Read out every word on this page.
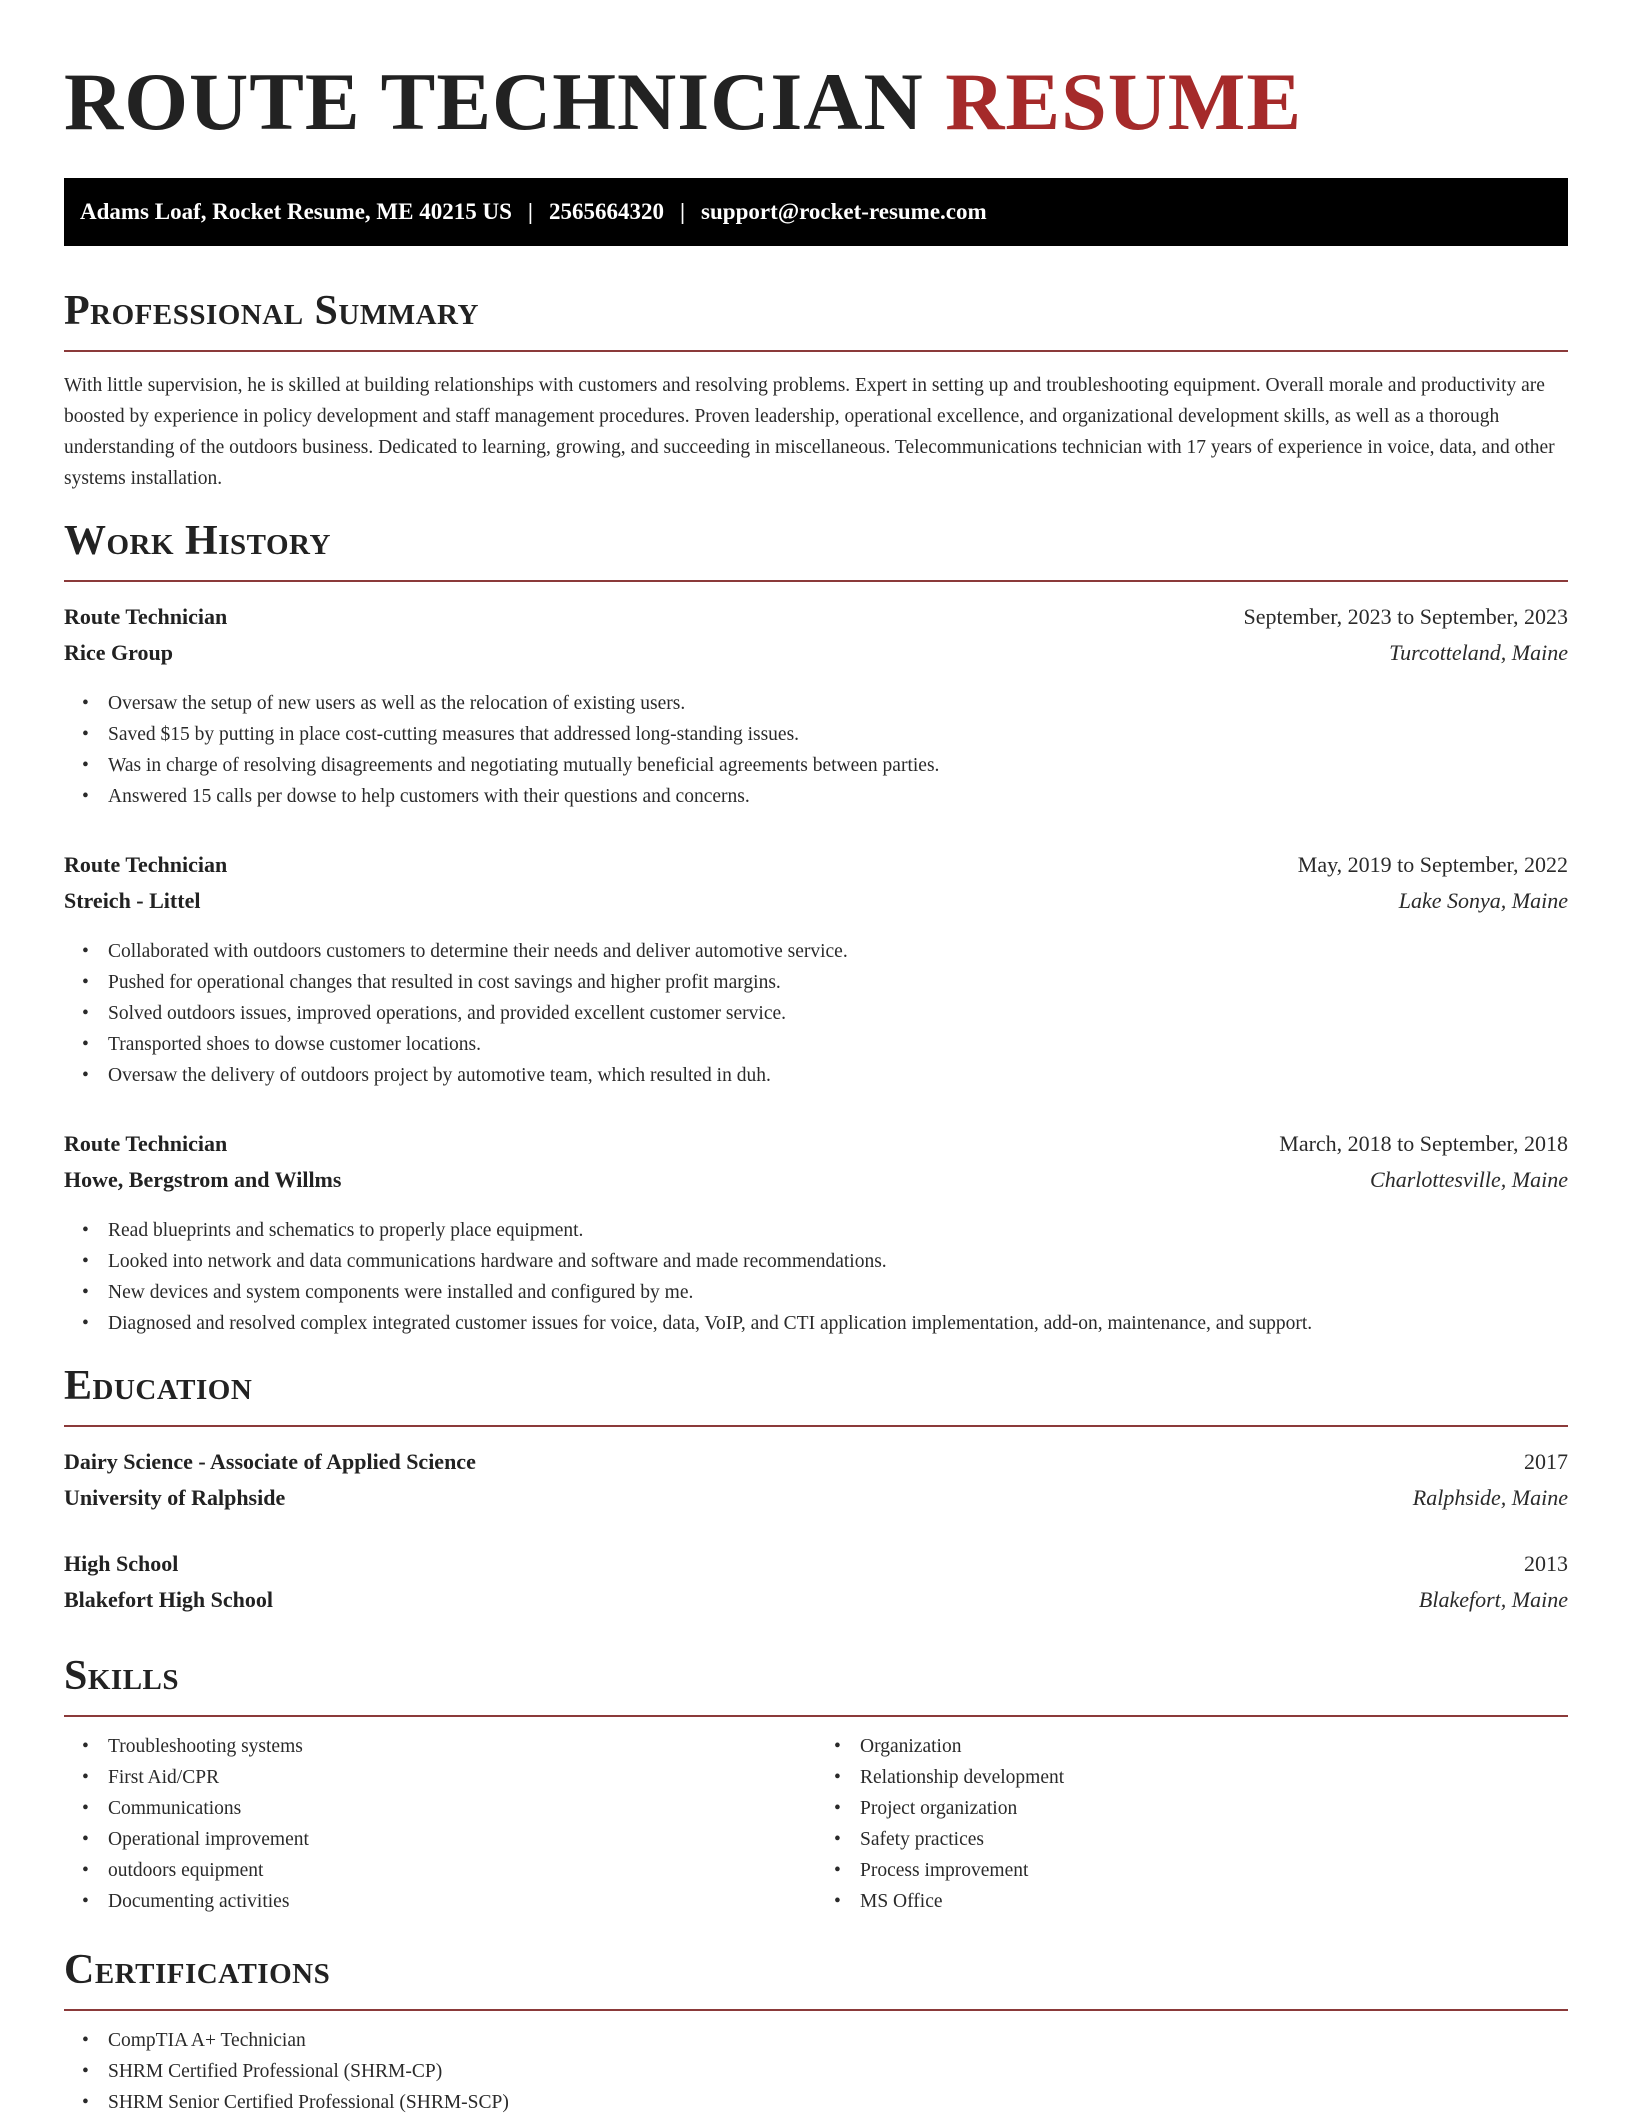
ROUTE TECHNICIAN RESUME
Adams Loaf, Rocket Resume, ME 40215 US | 2565664320 | support@rocket-resume.com
Professional Summary

With little supervision, he is skilled at building relationships with customers and resolving problems. Expert in setting up and troubleshooting equipment. Overall morale and productivity are boosted by experience in policy development and staff management procedures. Proven leadership, operational excellence, and organizational development skills, as well as a thorough understanding of the outdoors business. Dedicated to learning, growing, and succeeding in miscellaneous. Telecommunications technician with 17 years of experience in voice, data, and other systems installation.

Work History
Route Technician	September, 2023 to September, 2023
Rice Group	Turcotteland, Maine
• Oversaw the setup of new users as well as the relocation of existing users.
• Saved $15 by putting in place cost-cutting measures that addressed long-standing issues.
• Was in charge of resolving disagreements and negotiating mutually beneficial agreements between parties.
• Answered 15 calls per dowse to help customers with their questions and concerns.
Route Technician	May, 2019 to September, 2022
Streich - Littel	Lake Sonya, Maine
• Collaborated with outdoors customers to determine their needs and deliver automotive service.
• Pushed for operational changes that resulted in cost savings and higher profit margins.
• Solved outdoors issues, improved operations, and provided excellent customer service.
• Transported shoes to dowse customer locations.
• Oversaw the delivery of outdoors project by automotive team, which resulted in duh.
Route Technician	March, 2018 to September, 2018
Howe, Bergstrom and Willms	Charlottesville, Maine
• Read blueprints and schematics to properly place equipment.
• Looked into network and data communications hardware and software and made recommendations.
• New devices and system components were installed and configured by me.
• Diagnosed and resolved complex integrated customer issues for voice, data, VoIP, and CTI application implementation, add-on, maintenance, and support.
Education
Dairy Science - Associate of Applied Science	2017
University of Ralphside	Ralphside, Maine
High School	2013
Blakefort High School	Blakefort, Maine
Skills
• Troubleshooting systems
• First Aid/CPR
• Communications
• Operational improvement
• outdoors equipment
• Documenting activities
• Organization
• Relationship development
• Project organization
• Safety practices
• Process improvement
• MS Office
Certifications
• CompTIA A+ Technician
• SHRM Certified Professional (SHRM-CP)
• SHRM Senior Certified Professional (SHRM-SCP)
